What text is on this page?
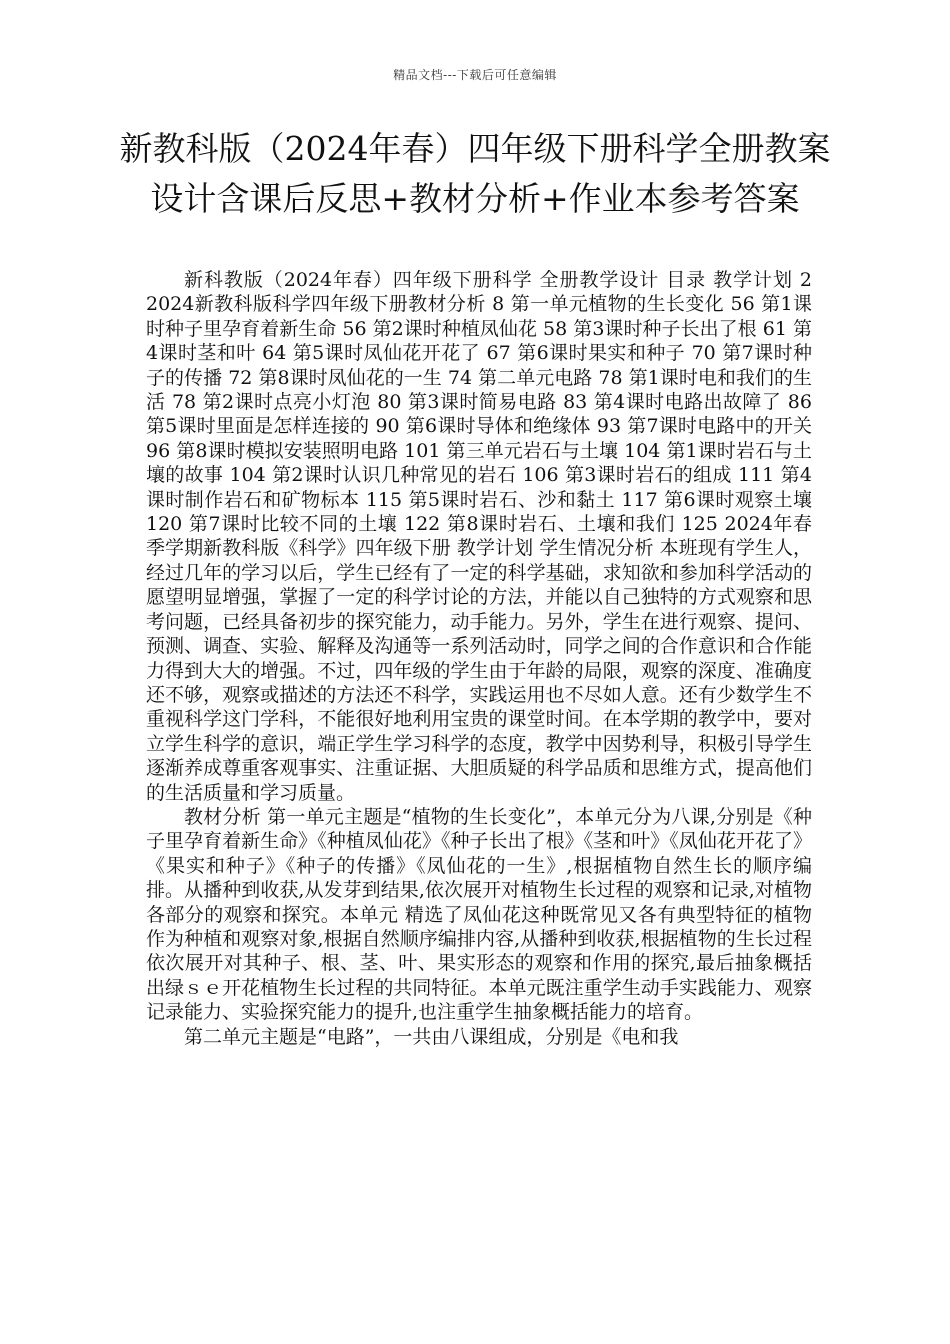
精品文档---下载后可任意编辑
新教科版（2024年春）四年级下册科学全册教案设计含课后反思+教材分析+作业本参考答案

新科教版（2024年春）四年级下册科学 全册教学设计 目录 教学计划 2 2024新教科版科学四年级下册教材分析 8 第一单元植物的生长变化 56 第1课时种子里孕育着新生命 56 第2课时种植凤仙花 58 第3课时种子长出了根 61 第4课时茎和叶 64 第5课时凤仙花开花了 67 第6课时果实和种子 70 第7课时种子的传播 72 第8课时凤仙花的一生 74 第二单元电路 78 第1课时电和我们的生活 78 第2课时点亮小灯泡 80 第3课时简易电路 83 第4课时电路出故障了 86 第5课时里面是怎样连接的 90 第6课时导体和绝缘体 93 第7课时电路中的开关 96 第8课时模拟安装照明电路 101 第三单元岩石与土壤 104 第1课时岩石与土壤的故事 104 第2课时认识几种常见的岩石 106 第3课时岩石的组成 111 第4课时制作岩石和矿物标本 115 第5课时岩石、沙和黏土 117 第6课时观察土壤 120 第7课时比较不同的土壤 122 第8课时岩石、土壤和我们 125 2024年春季学期新教科版《科学》四年级下册 教学计划 学生情况分析 本班现有学生人，经过几年的学习以后，学生已经有了一定的科学基础，求知欲和参加科学活动的愿望明显增强，掌握了一定的科学讨论的方法，并能以自己独特的方式观察和思考问题，已经具备初步的探究能力，动手能力。另外，学生在进行观察、提问、预测、调查、实验、解释及沟通等一系列活动时，同学之间的合作意识和合作能力得到大大的增强。不过，四年级的学生由于年龄的局限，观察的深度、准确度还不够，观察或描述的方法还不科学，实践运用也不尽如人意。还有少数学生不重视科学这门学科，不能很好地利用宝贵的课堂时间。在本学期的教学中，要对立学生科学的意识，端正学生学习科学的态度，教学中因势利导，积极引导学生逐渐养成尊重客观事实、注重证据、大胆质疑的科学品质和思维方式，提高他们的生活质量和学习质量。

教材分析 第一单元主题是“植物的生长变化”，本单元分为八课,分别是《种子里孕育着新生命》《种植凤仙花》《种子长出了根》《茎和叶》《凤仙花开花了》《果实和种子》《种子的传播》《凤仙花的一生》,根据植物自然生长的顺序编排。从播种到收获,从发芽到结果,依次展开对植物生长过程的观察和记录,对植物各部分的观察和探究。本单元 精选了凤仙花这种既常见又各有典型特征的植物作为种植和观察对象,根据自然顺序编排内容,从播种到收获,根据植物的生长过程依次展开对其种子、根、茎、叶、果实形态的观察和作用的探究,最后抽象概括出绿ｓｅ开花植物生长过程的共同特征。本单元既注重学生动手实践能力、观察记录能力、实验探究能力的提升,也注重学生抽象概括能力的培育。

第二单元主题是“电路”，一共由八课组成，分别是《电和我
